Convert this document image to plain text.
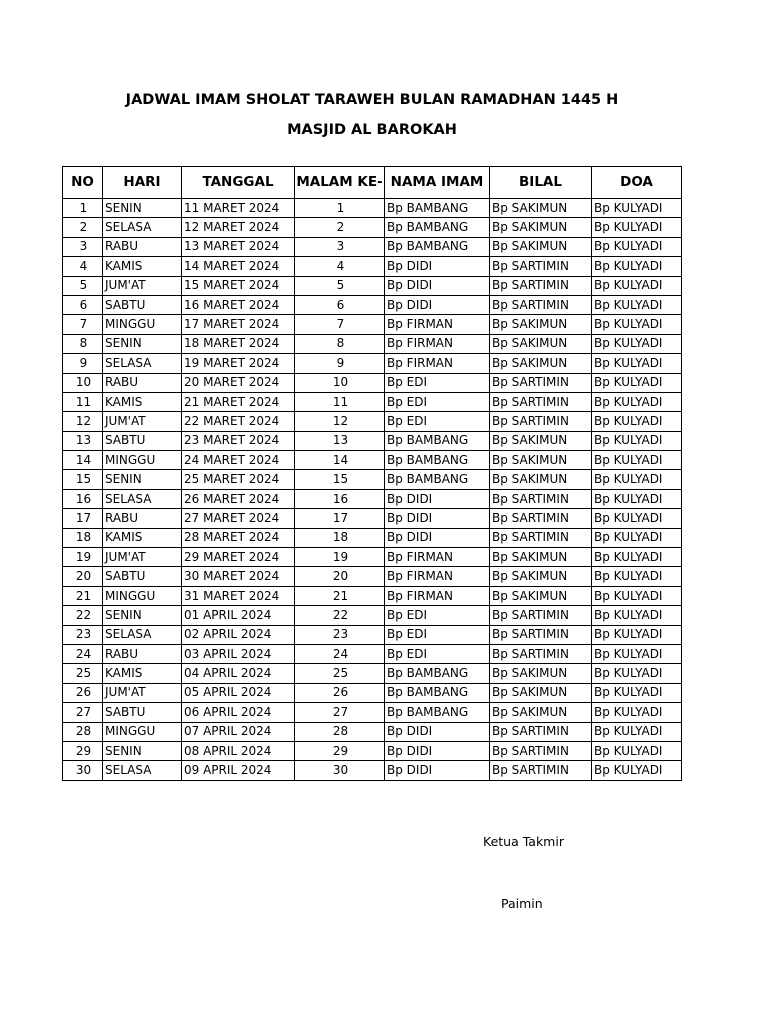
JADWAL IMAM SHOLAT TARAWEH BULAN RAMADHAN 1445 H
MASJID AL BAROKAH
NO	HARI	TANGGAL	MALAM KE-	NAMA IMAM	BILAL	DOA
1	SENIN	11 MARET 2024	1	Bp BAMBANG	Bp SAKIMUN	Bp KULYADI
2	SELASA	12 MARET 2024	2	Bp BAMBANG	Bp SAKIMUN	Bp KULYADI
3	RABU	13 MARET 2024	3	Bp BAMBANG	Bp SAKIMUN	Bp KULYADI
4	KAMIS	14 MARET 2024	4	Bp DIDI	Bp SARTIMIN	Bp KULYADI
5	JUM'AT	15 MARET 2024	5	Bp DIDI	Bp SARTIMIN	Bp KULYADI
6	SABTU	16 MARET 2024	6	Bp DIDI	Bp SARTIMIN	Bp KULYADI
7	MINGGU	17 MARET 2024	7	Bp FIRMAN	Bp SAKIMUN	Bp KULYADI
8	SENIN	18 MARET 2024	8	Bp FIRMAN	Bp SAKIMUN	Bp KULYADI
9	SELASA	19 MARET 2024	9	Bp FIRMAN	Bp SAKIMUN	Bp KULYADI
10	RABU	20 MARET 2024	10	Bp EDI	Bp SARTIMIN	Bp KULYADI
11	KAMIS	21 MARET 2024	11	Bp EDI	Bp SARTIMIN	Bp KULYADI
12	JUM'AT	22 MARET 2024	12	Bp EDI	Bp SARTIMIN	Bp KULYADI
13	SABTU	23 MARET 2024	13	Bp BAMBANG	Bp SAKIMUN	Bp KULYADI
14	MINGGU	24 MARET 2024	14	Bp BAMBANG	Bp SAKIMUN	Bp KULYADI
15	SENIN	25 MARET 2024	15	Bp BAMBANG	Bp SAKIMUN	Bp KULYADI
16	SELASA	26 MARET 2024	16	Bp DIDI	Bp SARTIMIN	Bp KULYADI
17	RABU	27 MARET 2024	17	Bp DIDI	Bp SARTIMIN	Bp KULYADI
18	KAMIS	28 MARET 2024	18	Bp DIDI	Bp SARTIMIN	Bp KULYADI
19	JUM'AT	29 MARET 2024	19	Bp FIRMAN	Bp SAKIMUN	Bp KULYADI
20	SABTU	30 MARET 2024	20	Bp FIRMAN	Bp SAKIMUN	Bp KULYADI
21	MINGGU	31 MARET 2024	21	Bp FIRMAN	Bp SAKIMUN	Bp KULYADI
22	SENIN	01 APRIL 2024	22	Bp EDI	Bp SARTIMIN	Bp KULYADI
23	SELASA	02 APRIL 2024	23	Bp EDI	Bp SARTIMIN	Bp KULYADI
24	RABU	03 APRIL 2024	24	Bp EDI	Bp SARTIMIN	Bp KULYADI
25	KAMIS	04 APRIL 2024	25	Bp BAMBANG	Bp SAKIMUN	Bp KULYADI
26	JUM'AT	05 APRIL 2024	26	Bp BAMBANG	Bp SAKIMUN	Bp KULYADI
27	SABTU	06 APRIL 2024	27	Bp BAMBANG	Bp SAKIMUN	Bp KULYADI
28	MINGGU	07 APRIL 2024	28	Bp DIDI	Bp SARTIMIN	Bp KULYADI
29	SENIN	08 APRIL 2024	29	Bp DIDI	Bp SARTIMIN	Bp KULYADI
30	SELASA	09 APRIL 2024	30	Bp DIDI	Bp SARTIMIN	Bp KULYADI
Ketua Takmir
Paimin
